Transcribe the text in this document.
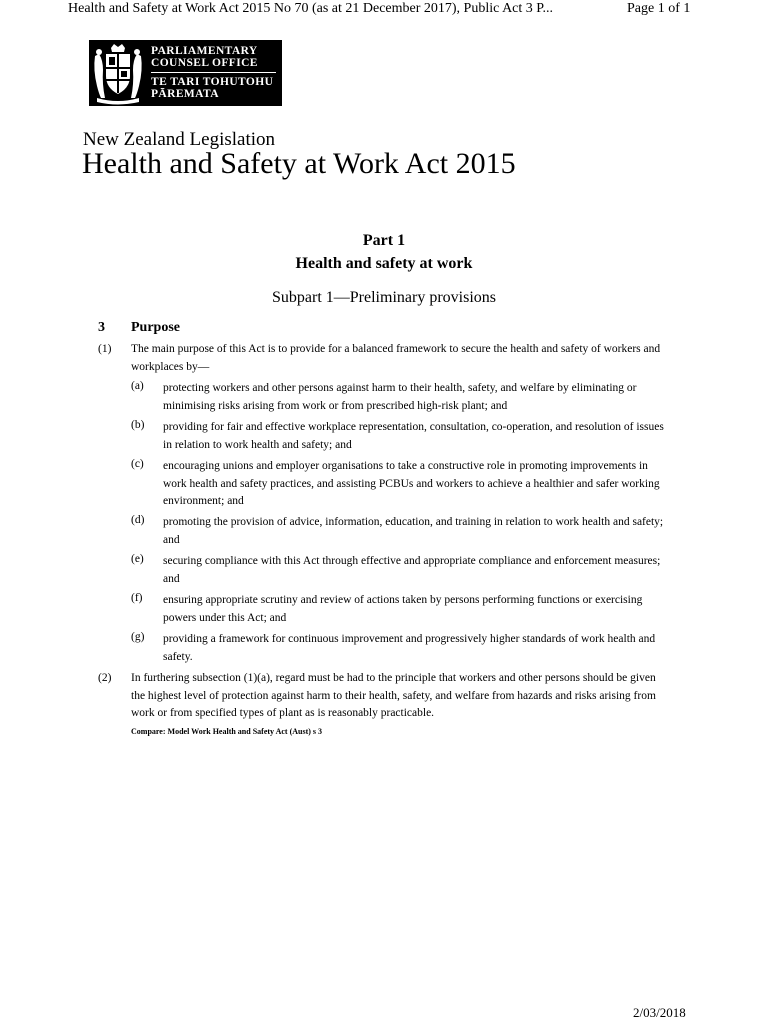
Health and Safety at Work Act 2015 No 70 (as at 21 December 2017), Public Act 3 P...	Page 1 of 1
PARLIAMENTARY
COUNSEL OFFICE
TE TARI TOHUTOHU
PĀREMATA
New Zealand Legislation
Health and Safety at Work Act 2015
Part 1
Health and safety at work
Subpart 1—Preliminary provisions
3 Purpose
(1) The main purpose of this Act is to provide for a balanced framework to secure the health and safety of workers and workplaces by—
(a) protecting workers and other persons against harm to their health, safety, and welfare by eliminating or minimising risks arising from work or from prescribed high-risk plant; and
(b) providing for fair and effective workplace representation, consultation, co-operation, and resolution of issues in relation to work health and safety; and
(c) encouraging unions and employer organisations to take a constructive role in promoting improvements in work health and safety practices, and assisting PCBUs and workers to achieve a healthier and safer working environment; and
(d) promoting the provision of advice, information, education, and training in relation to work health and safety; and
(e) securing compliance with this Act through effective and appropriate compliance and enforcement measures; and
(f) ensuring appropriate scrutiny and review of actions taken by persons performing functions or exercising powers under this Act; and
(g) providing a framework for continuous improvement and progressively higher standards of work health and safety.
(2) In furthering subsection (1)(a), regard must be had to the principle that workers and other persons should be given the highest level of protection against harm to their health, safety, and welfare from hazards and risks arising from work or from specified types of plant as is reasonably practicable.
Compare: Model Work Health and Safety Act (Aust) s 3
2/03/2018
